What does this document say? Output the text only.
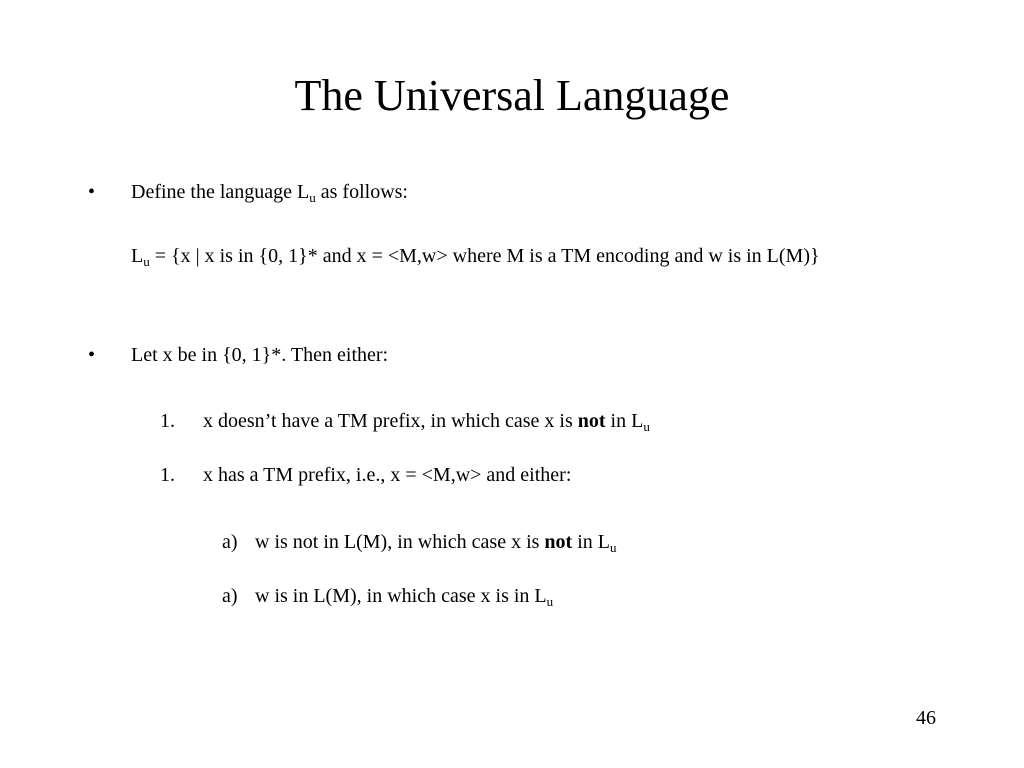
The Universal Language
• Define the language $L_u$ as follows:
$L_u = \{x$ | x is in {0, 1}* and x = <M,w> where M is a TM encoding and w is in L(M)}
• Let x be in {0, 1}*. Then either:
1. x doesn’t have a TM prefix, in which case x is not in $L_u$
1. x has a TM prefix, i.e., x = <M,w> and either:
a) w is not in L(M), in which case x is not in $L_u$
a) w is in L(M), in which case x is in $L_u$
46
